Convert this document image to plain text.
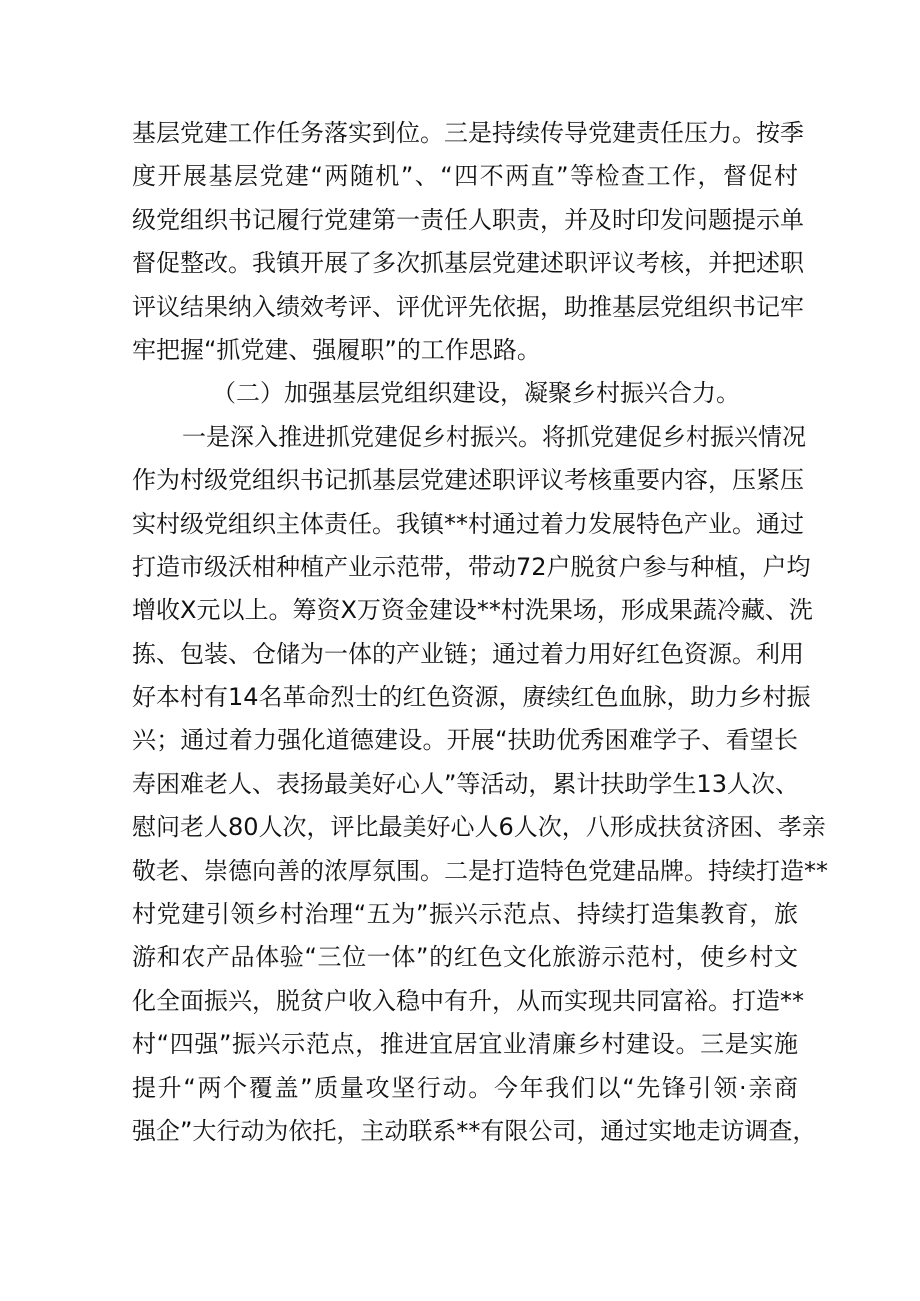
基层党建工作任务落实到位。三是持续传导党建责任压力。按季
度开展基层党建“两随机”、“四不两直”等检查工作，督促村
级党组织书记履行党建第一责任人职责，并及时印发问题提示单
督促整改。我镇开展了多次抓基层党建述职评议考核，并把述职
评议结果纳入绩效考评、评优评先依据，助推基层党组织书记牢
牢把握“抓党建、强履职”的工作思路。
（二）加强基层党组织建设，凝聚乡村振兴合力。
一是深入推进抓党建促乡村振兴。将抓党建促乡村振兴情况
作为村级党组织书记抓基层党建述职评议考核重要内容，压紧压
实村级党组织主体责任。我镇**村通过着力发展特色产业。通过
打造市级沃柑种植产业示范带，带动72户脱贫户参与种植，户均
增收X元以上。筹资X万资金建设**村洗果场，形成果蔬冷藏、洗
拣、包装、仓储为一体的产业链；通过着力用好红色资源。利用
好本村有14名革命烈士的红色资源，赓续红色血脉，助力乡村振
兴；通过着力强化道德建设。开展“扶助优秀困难学子、看望长
寿困难老人、表扬最美好心人”等活动，累计扶助学生13人次、
慰问老人80人次，评比最美好心人6人次，八形成扶贫济困、孝亲
敬老、崇德向善的浓厚氛围。二是打造特色党建品牌。持续打造**
村党建引领乡村治理“五为”振兴示范点、持续打造集教育，旅
游和农产品体验“三位一体”的红色文化旅游示范村，使乡村文
化全面振兴，脱贫户收入稳中有升，从而实现共同富裕。打造**
村“四强”振兴示范点，推进宜居宜业清廉乡村建设。三是实施
提升“两个覆盖”质量攻坚行动。今年我们以“先锋引领·亲商
强企”大行动为依托，主动联系**有限公司，通过实地走访调查，
